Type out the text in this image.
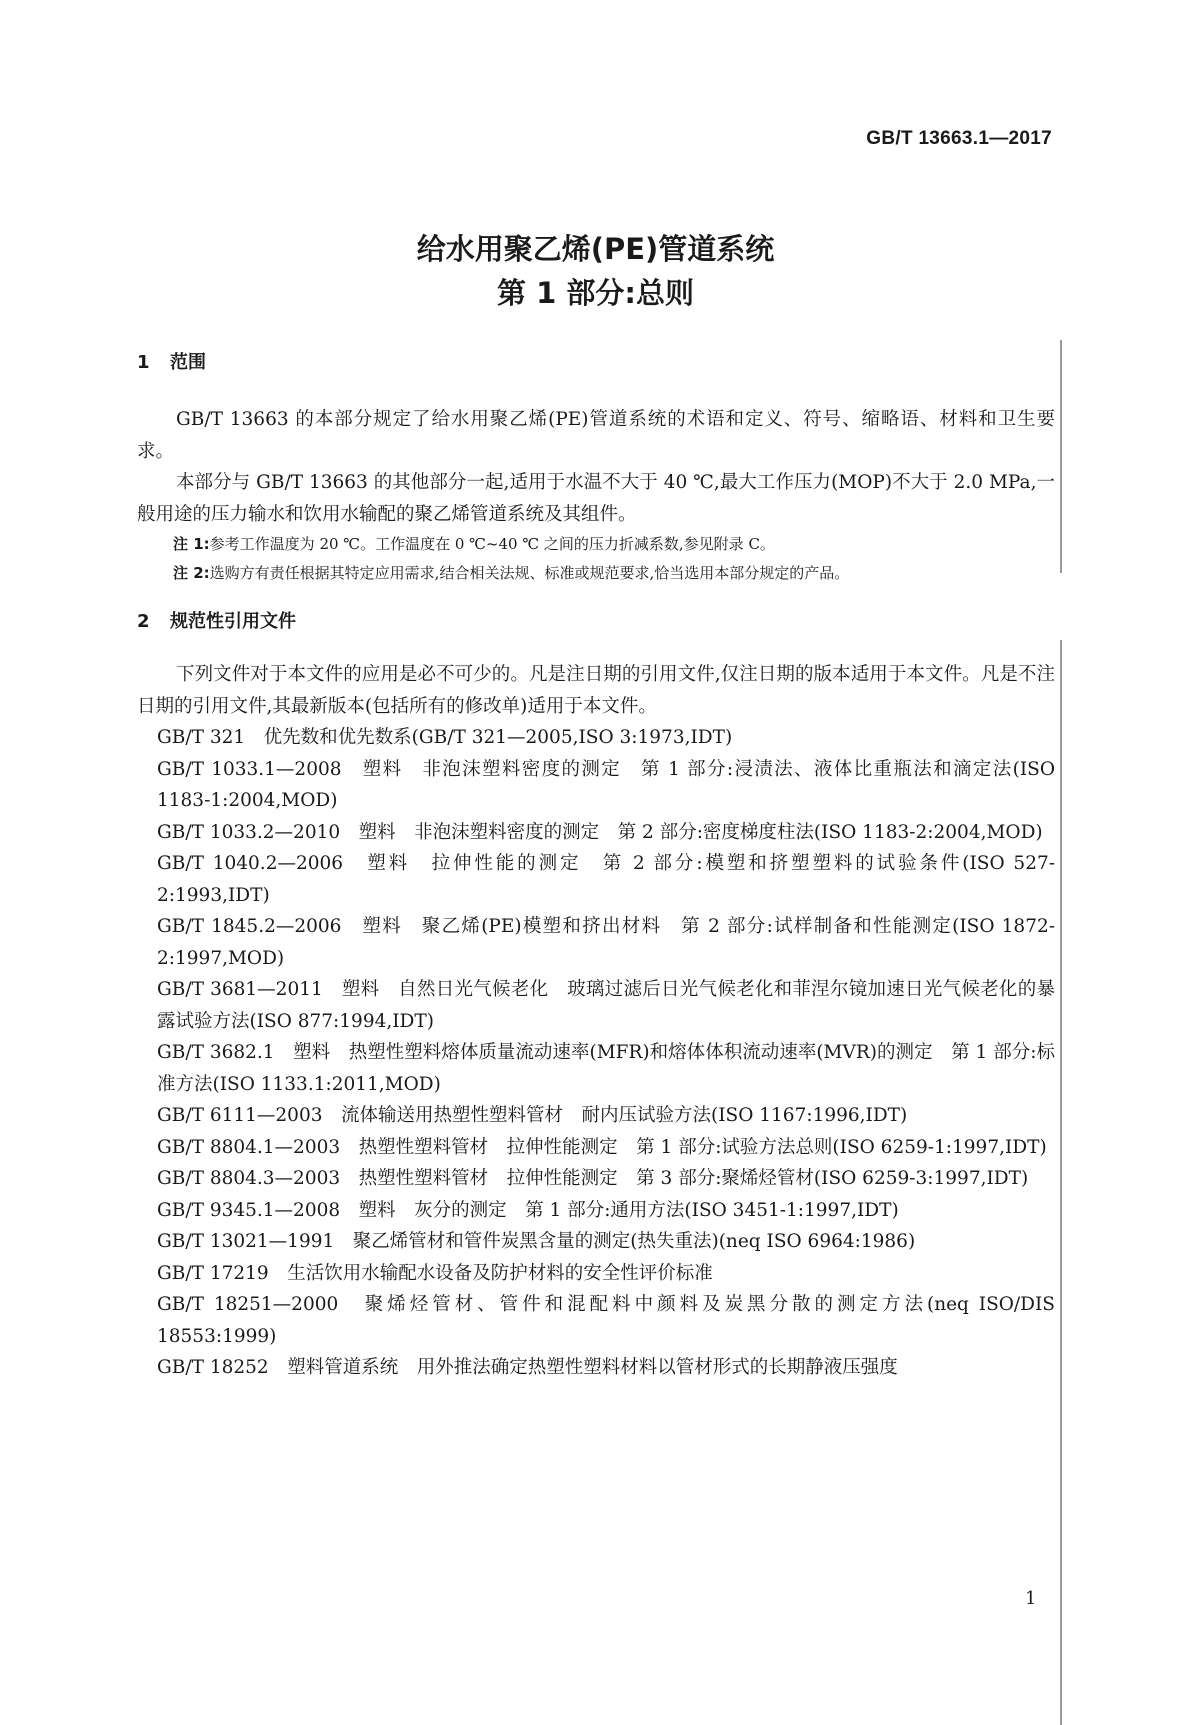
GB/T 13663.1—2017
给水用聚乙烯(PE)管道系统
第 1 部分:总则
1 范围

GB/T 13663 的本部分规定了给水用聚乙烯(PE)管道系统的术语和定义、符号、缩略语、材料和卫生要求。

本部分与 GB/T 13663 的其他部分一起,适用于水温不大于 40 ℃,最大工作压力(MOP)不大于 2.0 MPa,一般用途的压力输水和饮用水输配的聚乙烯管道系统及其组件。

注 1:参考工作温度为 20 ℃。工作温度在 0 ℃~40 ℃ 之间的压力折减系数,参见附录 C。

注 2:选购方有责任根据其特定应用需求,结合相关法规、标准或规范要求,恰当选用本部分规定的产品。

2 规范性引用文件

下列文件对于本文件的应用是必不可少的。凡是注日期的引用文件,仅注日期的版本适用于本文件。凡是不注日期的引用文件,其最新版本(包括所有的修改单)适用于本文件。

GB/T 321　 优先数和优先数系(GB/T 321—2005,ISO 3:1973,IDT)

GB/T 1033.1—2008　 塑料　非泡沫塑料密度的测定　第 1 部分:浸渍法、液体比重瓶法和滴定法(ISO 1183-1:2004,MOD)

GB/T 1033.2—2010　 塑料　非泡沫塑料密度的测定　第 2 部分:密度梯度柱法(ISO 1183-2:2004,MOD)

GB/T 1040.2—2006　 塑料　拉伸性能的测定　第 2 部分:模塑和挤塑塑料的试验条件(ISO 527-2:1993,IDT)

GB/T 1845.2—2006　 塑料　聚乙烯(PE)模塑和挤出材料　第 2 部分:试样制备和性能测定(ISO 1872-2:1997,MOD)

GB/T 3681—2011　 塑料　自然日光气候老化　玻璃过滤后日光气候老化和菲涅尔镜加速日光气候老化的暴露试验方法(ISO 877:1994,IDT)

GB/T 3682.1　 塑料　热塑性塑料熔体质量流动速率(MFR)和熔体体积流动速率(MVR)的测定　第 1 部分:标准方法(ISO 1133.1:2011,MOD)

GB/T 6111—2003　 流体输送用热塑性塑料管材　耐内压试验方法(ISO 1167:1996,IDT)

GB/T 8804.1—2003　 热塑性塑料管材　拉伸性能测定　第 1 部分:试验方法总则(ISO 6259-1:1997,IDT)

GB/T 8804.3—2003　 热塑性塑料管材　拉伸性能测定　第 3 部分:聚烯烃管材(ISO 6259-3:1997,IDT)

GB/T 9345.1—2008　 塑料　灰分的测定　第 1 部分:通用方法(ISO 3451-1:1997,IDT)

GB/T 13021—1991　 聚乙烯管材和管件炭黑含量的测定(热失重法)(neq ISO 6964:1986)

GB/T 17219　 生活饮用水输配水设备及防护材料的安全性评价标准

GB/T 18251—2000　 聚烯烃管材、管件和混配料中颜料及炭黑分散的测定方法(neq ISO/DIS 18553:1999)

GB/T 18252　 塑料管道系统　用外推法确定热塑性塑料材料以管材形式的长期静液压强度

1
